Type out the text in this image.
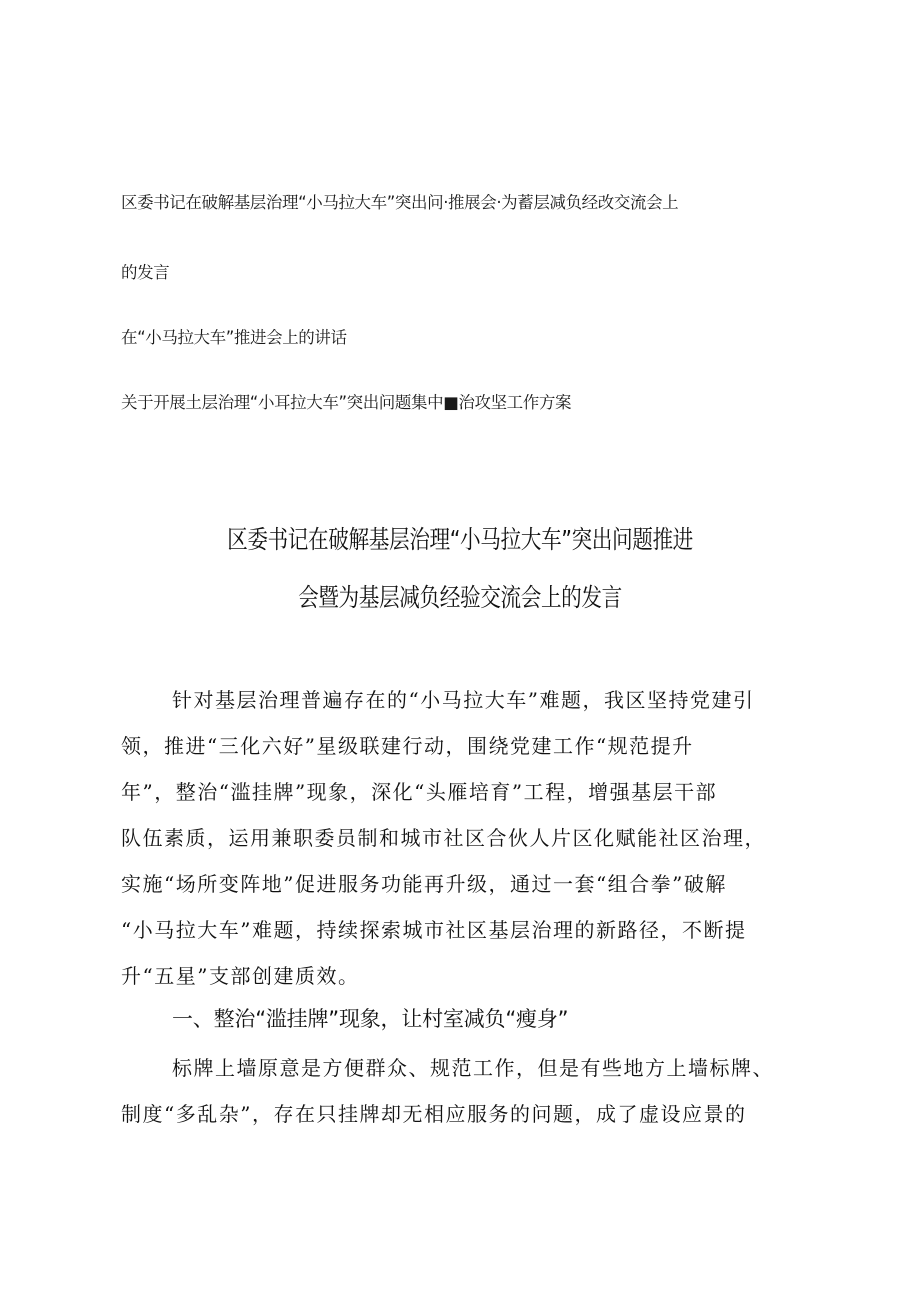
区委书记在破解基层治理“小马拉大车”突出问·推展会·为蓄层减负经改交流会上
的发言
在“小马拉大车”推进会上的讲话
关于开展土层治理“小耳拉大车”突出问题集中■治攻坚工作方案
区委书记在破解基层治理“小马拉大车”突出问题推进
会暨为基层减负经验交流会上的发言
针对基层治理普遍存在的“小马拉大车”难题，我区坚持党建引
领，推进“三化六好”星级联建行动，围绕党建工作“规范提升
年”，整治“滥挂牌”现象，深化“头雁培育”工程，增强基层干部
队伍素质，运用兼职委员制和城市社区合伙人片区化赋能社区治理，
实施“场所变阵地”促进服务功能再升级，通过一套“组合拳”破解
“小马拉大车”难题，持续探索城市社区基层治理的新路径，不断提
升“五星”支部创建质效。
一、整治“滥挂牌”现象，让村室减负“瘦身”
标牌上墙原意是方便群众、规范工作，但是有些地方上墙标牌、
制度“多乱杂”，存在只挂牌却无相应服务的问题，成了虚设应景的
